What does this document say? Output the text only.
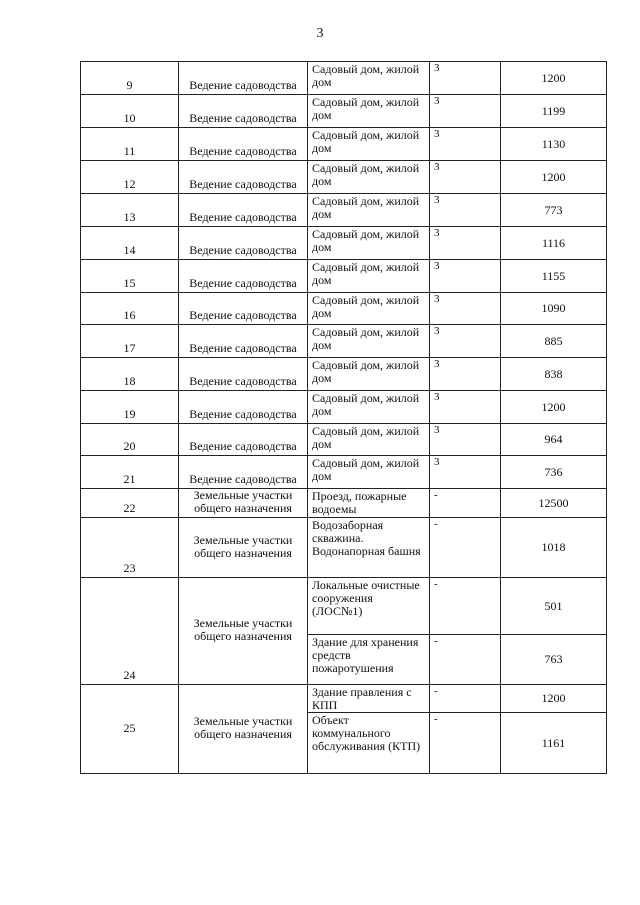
3
9	Ведение садоводства	Садовый дом, жилой дом	3	1200
10	Ведение садоводства	Садовый дом, жилой дом	3	1199
11	Ведение садоводства	Садовый дом, жилой дом	3	1130
12	Ведение садоводства	Садовый дом, жилой дом	3	1200
13	Ведение садоводства	Садовый дом, жилой дом	3	773
14	Ведение садоводства	Садовый дом, жилой дом	3	1116
15	Ведение садоводства	Садовый дом, жилой дом	3	1155
16	Ведение садоводства	Садовый дом, жилой дом	3	1090
17	Ведение садоводства	Садовый дом, жилой дом	3	885
18	Ведение садоводства	Садовый дом, жилой дом	3	838
19	Ведение садоводства	Садовый дом, жилой дом	3	1200
20	Ведение садоводства	Садовый дом, жилой дом	3	964
21	Ведение садоводства	Садовый дом, жилой дом	3	736
22	Земельные участки общего назначения	Проезд, пожарные водоемы	-	12500
23	Земельные участки общего назначения	Водозаборная скважина. Водонапорная башня	-	1018
24	Земельные участки общего назначения	Локальные очистные сооружения (ЛОС№1)	-	501
		Здание для хранения средств пожаротушения	-	763
25	Земельные участки общего назначения	Здание правления с КПП	-	1200
		Объект коммунального обслуживания (КТП)	-	1161
